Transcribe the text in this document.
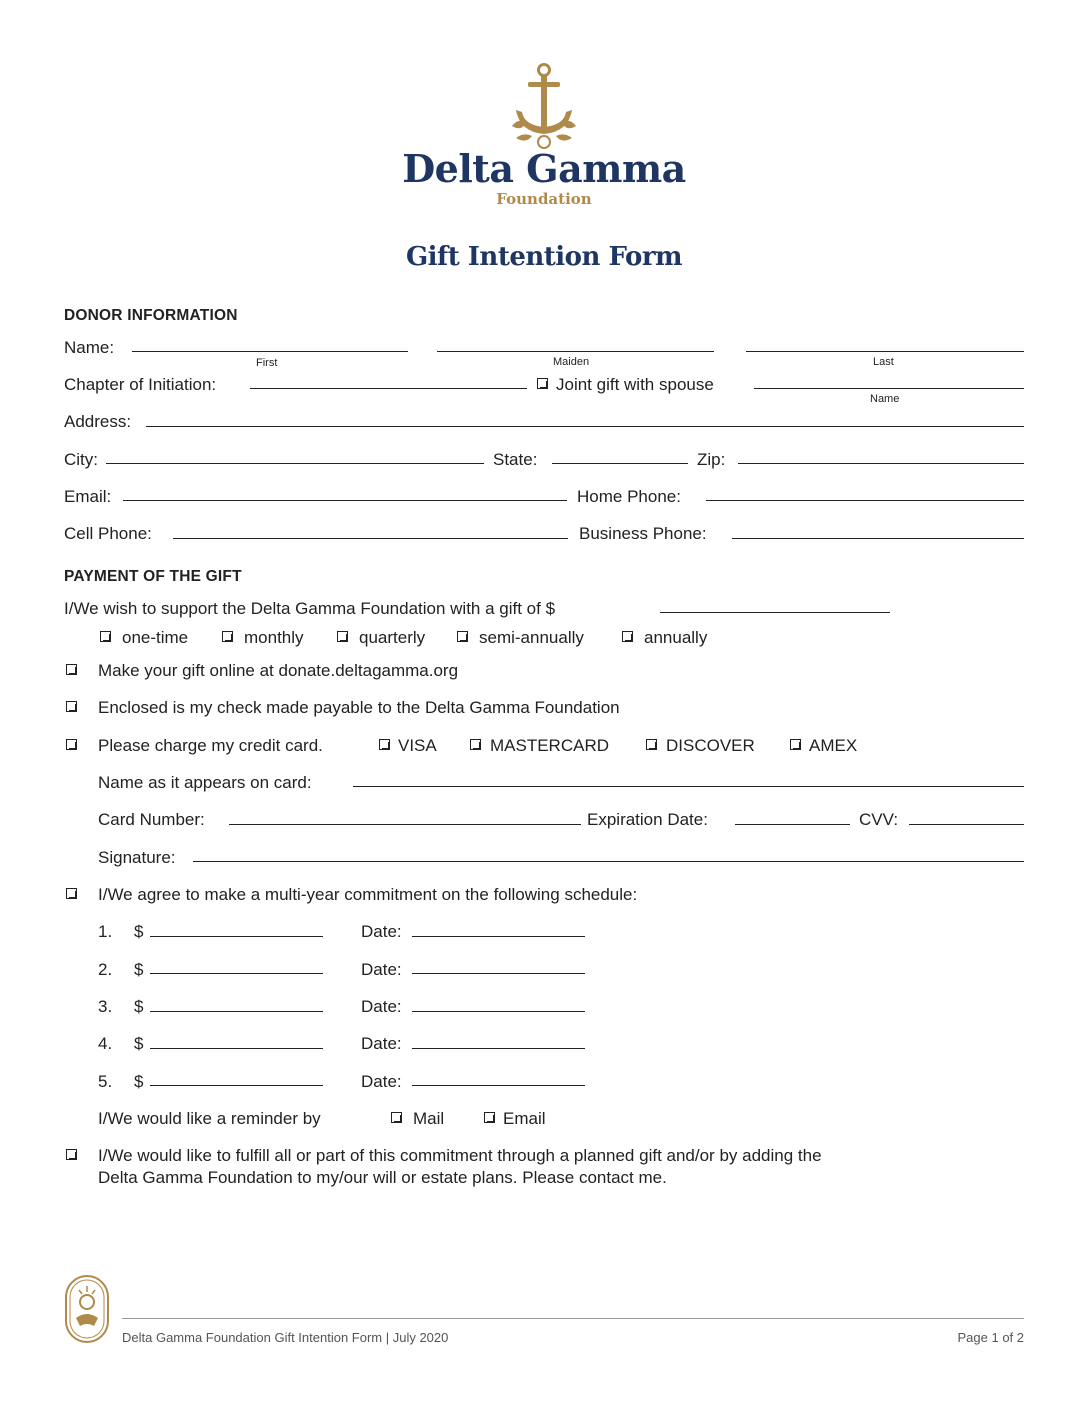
Δ Γ
Delta Gamma
Foundation
Gift Intention Form
DONOR INFORMATION
Name:
First	Maiden	Last
Chapter of Initiation:	Joint gift with spouse
Name
Address:
City:	State:	Zip:
Email:	Home Phone:
Cell Phone:	Business Phone:
PAYMENT OF THE GIFT
I/We wish to support the Delta Gamma Foundation with a gift of $
one-time	monthly	quarterly	semi-annually	annually
Make your gift online at donate.deltagamma.org
Enclosed is my check made payable to the Delta Gamma Foundation
Please charge my credit card.	VISA	MASTERCARD	DISCOVER	AMEX
Name as it appears on card:
Card Number:	Expiration Date:	CVV:
Signature:
I/We agree to make a multi-year commitment on the following schedule:
1. $	Date:
2. $	Date:
3. $	Date:
4. $	Date:
5. $	Date:
I/We would like a reminder by	Mail	Email
I/We would like to fulfill all or part of this commitment through a planned gift and/or by adding the
Delta Gamma Foundation to my/our will or estate plans. Please contact me.
Delta Gamma Foundation Gift Intention Form | July 2020	Page 1 of 2
